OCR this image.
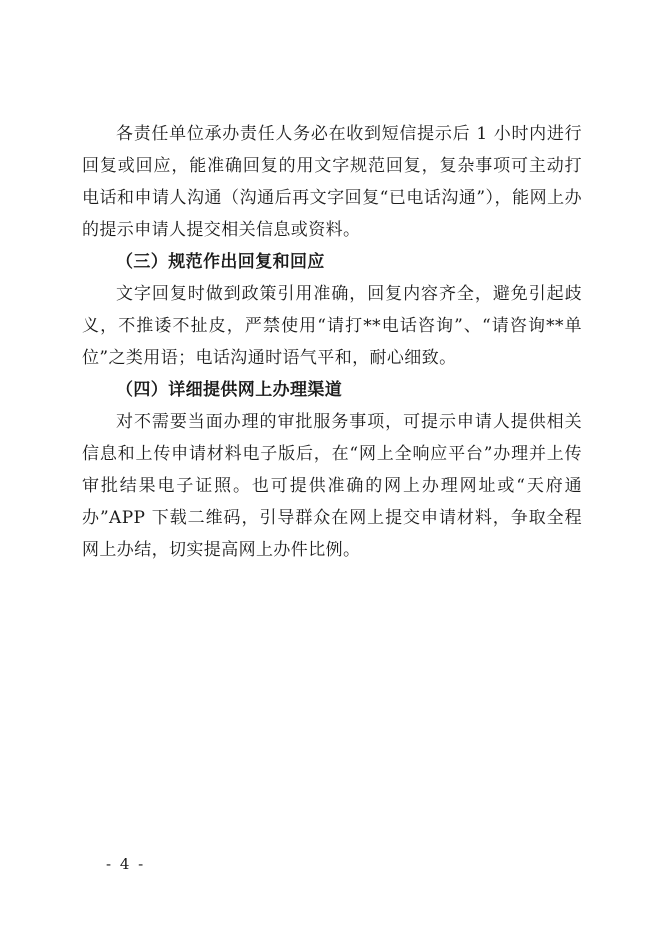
各责任单位承办责任人务必在收到短信提示后 1 小时内进行回复或回应，能准确回复的用文字规范回复，复杂事项可主动打电话和申请人沟通（沟通后再文字回复“已电话沟通”），能网上办的提示申请人提交相关信息或资料。

（三）规范作出回复和回应

文字回复时做到政策引用准确，回复内容齐全，避免引起歧义，不推诿不扯皮，严禁使用“请打**电话咨询”、“请咨询**单位”之类用语；电话沟通时语气平和，耐心细致。

（四）详细提供网上办理渠道

对不需要当面办理的审批服务事项，可提示申请人提供相关信息和上传申请材料电子版后，在“网上全响应平台”办理并上传审批结果电子证照。也可提供准确的网上办理网址或“天府通办”APP 下载二维码，引导群众在网上提交申请材料，争取全程网上办结，切实提高网上办件比例。

- 4 -
